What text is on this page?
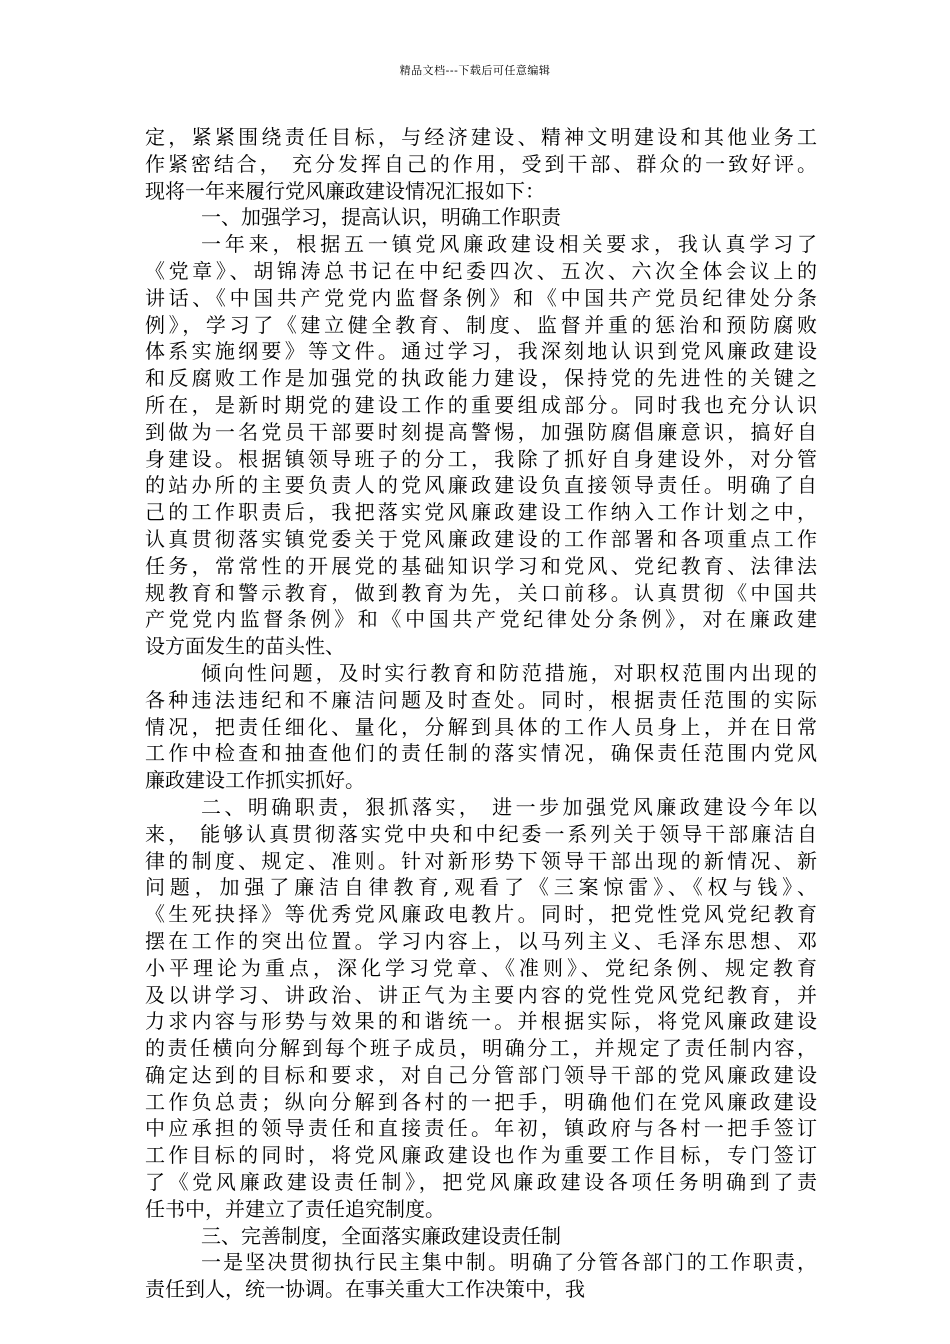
精品文档---下载后可任意编辑
定，紧紧围绕责任目标，与经济建设、精神文明建设和其他业务工
作紧密结合， 充分发挥自己的作用，受到干部、群众的一致好评。
现将一年来履行党风廉政建设情况汇报如下：
一、加强学习，提高认识，明确工作职责
一年来，根据五一镇党风廉政建设相关要求，我认真学习了
《党章》、胡锦涛总书记在中纪委四次、五次、六次全体会议上的
讲话、《中国共产党党内监督条例》和《中国共产党员纪律处分条
例》，学习了《建立健全教育、制度、监督并重的惩治和预防腐败
体系实施纲要》等文件。通过学习，我深刻地认识到党风廉政建设
和反腐败工作是加强党的执政能力建设，保持党的先进性的关键之
所在，是新时期党的建设工作的重要组成部分。同时我也充分认识
到做为一名党员干部要时刻提高警惕，加强防腐倡廉意识，搞好自
身建设。根据镇领导班子的分工，我除了抓好自身建设外，对分管
的站办所的主要负责人的党风廉政建设负直接领导责任。明确了自
己的工作职责后，我把落实党风廉政建设工作纳入工作计划之中，
认真贯彻落实镇党委关于党风廉政建设的工作部署和各项重点工作
任务，常常性的开展党的基础知识学习和党风、党纪教育、法律法
规教育和警示教育，做到教育为先，关口前移。认真贯彻《中国共
产党党内监督条例》和《中国共产党纪律处分条例》，对在廉政建
设方面发生的苗头性、
倾向性问题，及时实行教育和防范措施，对职权范围内出现的
各种违法违纪和不廉洁问题及时查处。同时，根据责任范围的实际
情况，把责任细化、量化，分解到具体的工作人员身上，并在日常
工作中检查和抽查他们的责任制的落实情况，确保责任范围内党风
廉政建设工作抓实抓好。
二、明确职责，狠抓落实， 进一步加强党风廉政建设今年以
来， 能够认真贯彻落实党中央和中纪委一系列关于领导干部廉洁自
律的制度、规定、准则。针对新形势下领导干部出现的新情况、新
问题，加强了廉洁自律教育,观看了《三案惊雷》、《权与钱》、
《生死抉择》等优秀党风廉政电教片。同时，把党性党风党纪教育
摆在工作的突出位置。学习内容上，以马列主义、毛泽东思想、邓
小平理论为重点，深化学习党章、《准则》、党纪条例、规定教育
及以讲学习、讲政治、讲正气为主要内容的党性党风党纪教育，并
力求内容与形势与效果的和谐统一。并根据实际，将党风廉政建设
的责任横向分解到每个班子成员，明确分工，并规定了责任制内容，
确定达到的目标和要求，对自己分管部门领导干部的党风廉政建设
工作负总责；纵向分解到各村的一把手，明确他们在党风廉政建设
中应承担的领导责任和直接责任。年初，镇政府与各村一把手签订
工作目标的同时，将党风廉政建设也作为重要工作目标，专门签订
了《党风廉政建设责任制》，把党风廉政建设各项任务明确到了责
任书中，并建立了责任追究制度。
三、完善制度，全面落实廉政建设责任制
一是坚决贯彻执行民主集中制。明确了分管各部门的工作职责，
责任到人，统一协调。在事关重大工作决策中，我
